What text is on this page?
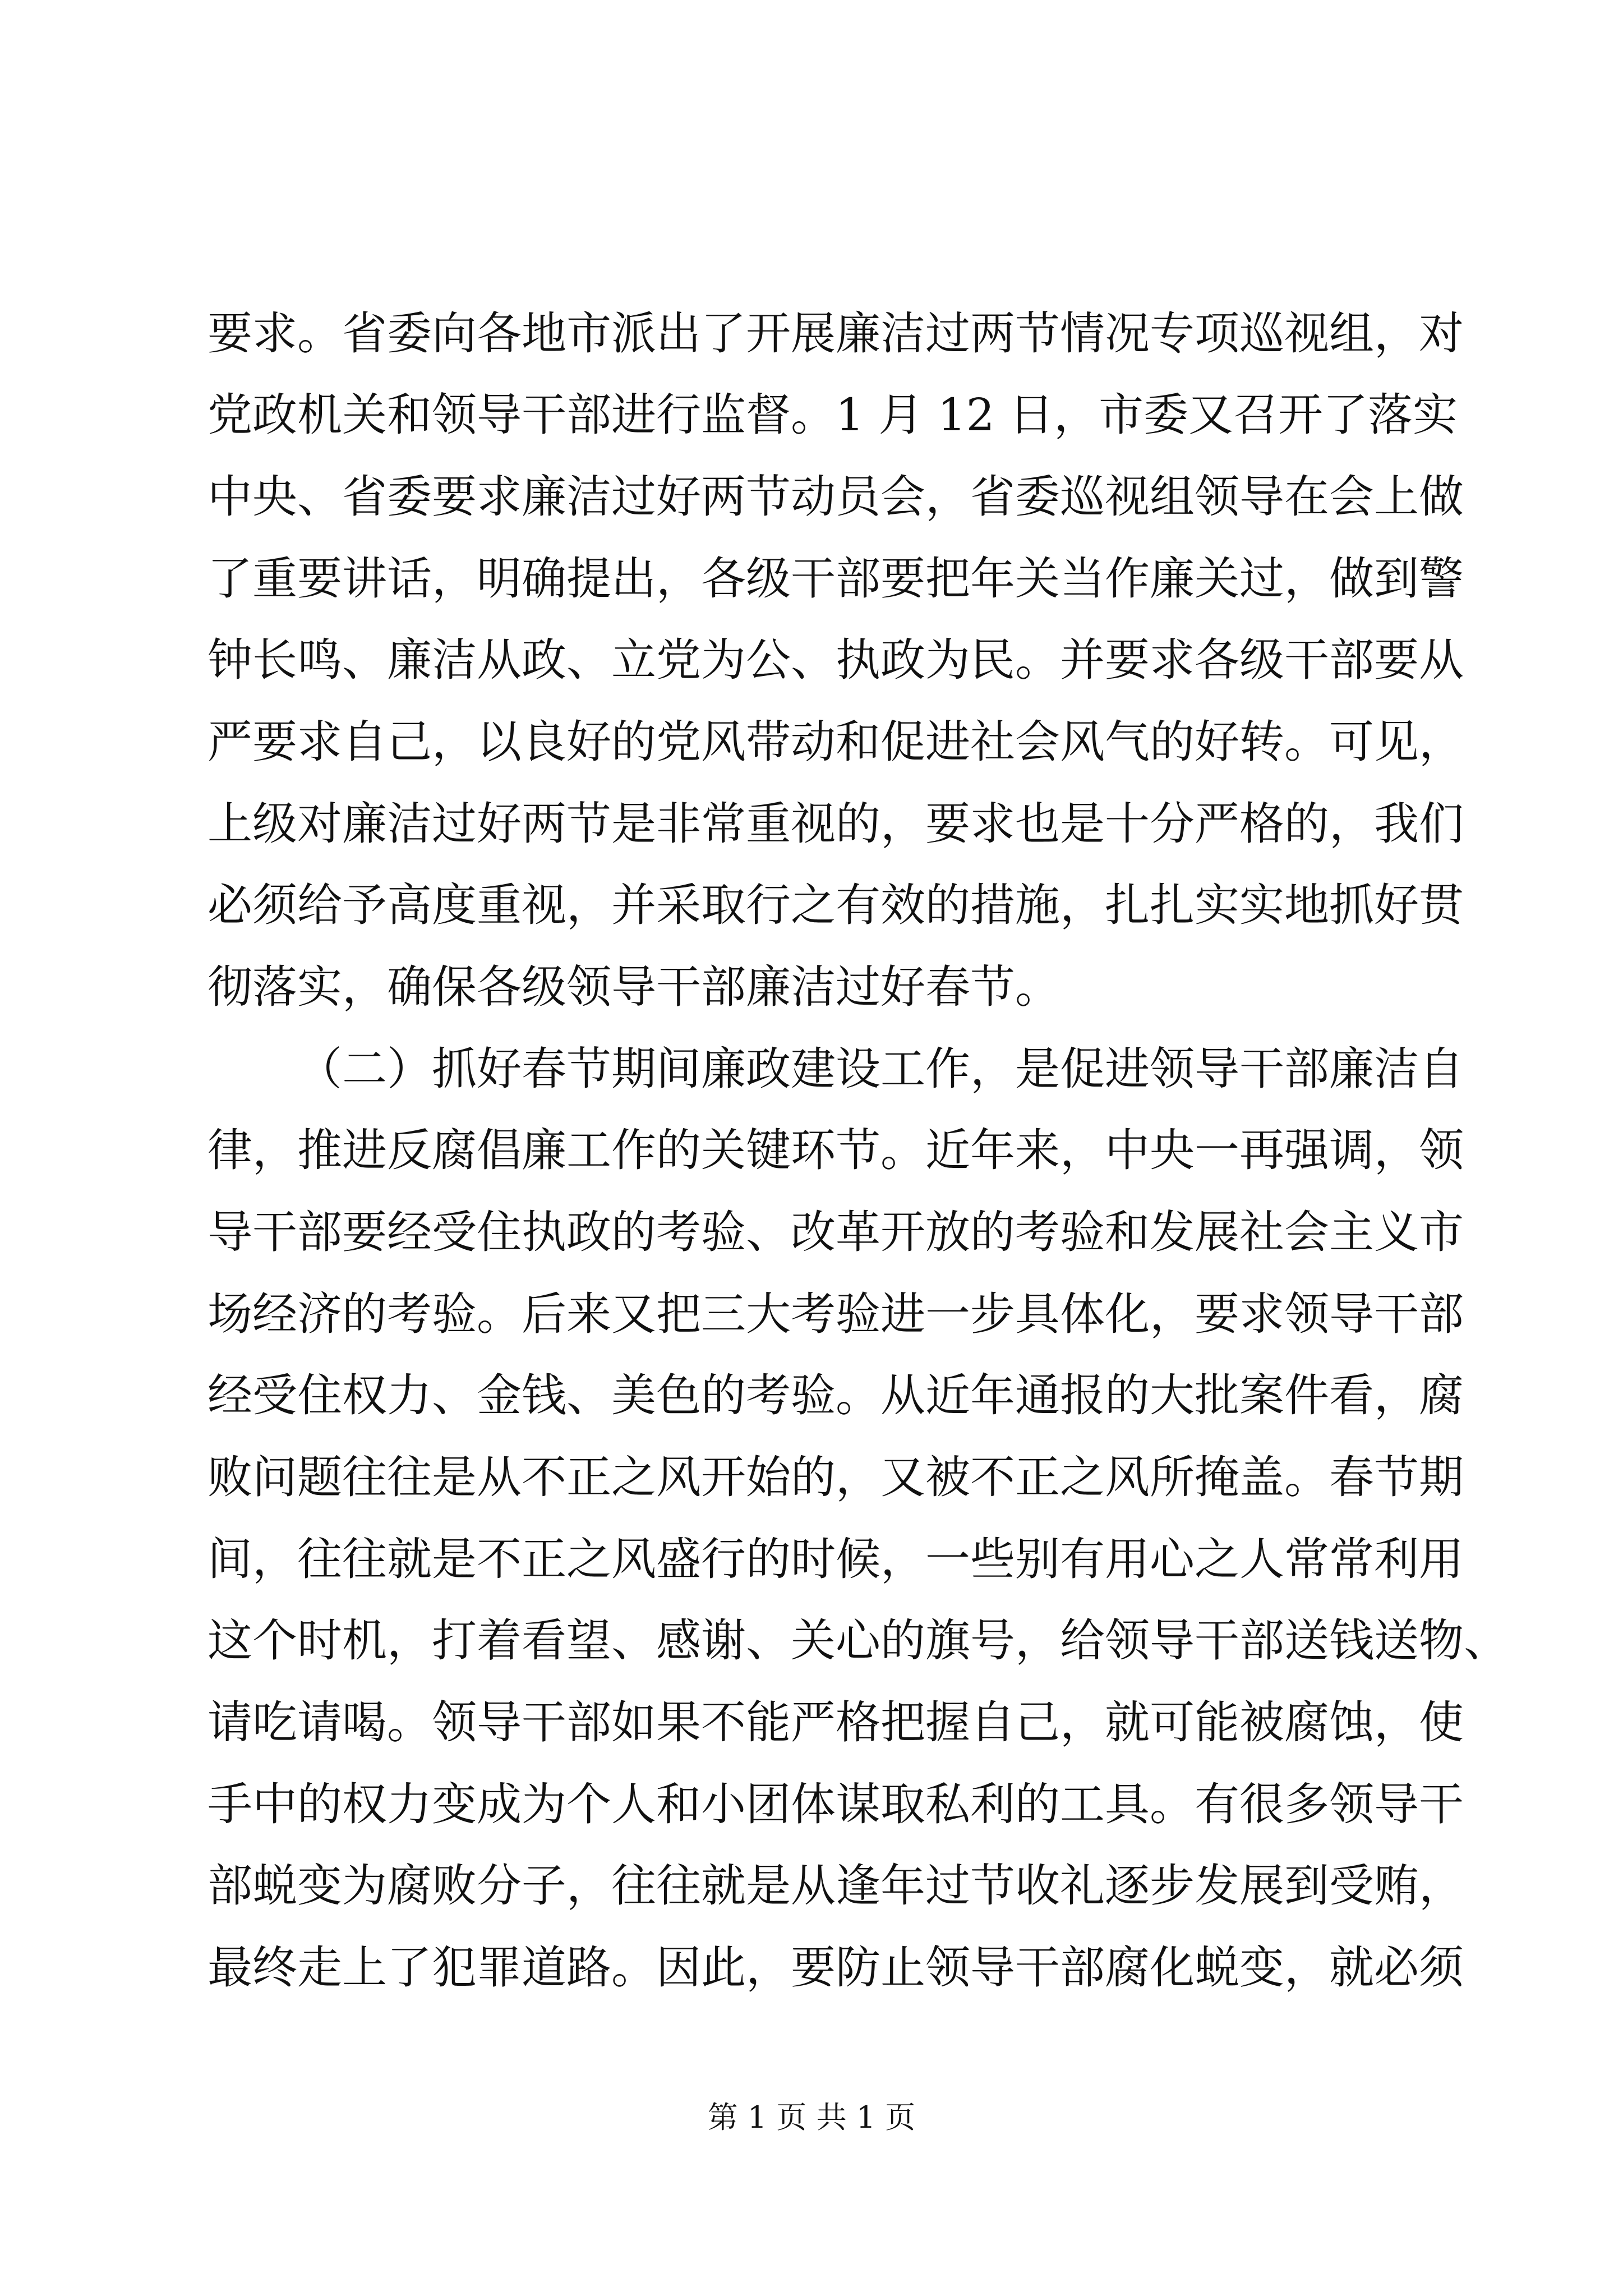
要求。省委向各地市派出了开展廉洁过两节情况专项巡视组，对
党政机关和领导干部进行监督。1 月 12 日，市委又召开了落实
中央、省委要求廉洁过好两节动员会，省委巡视组领导在会上做
了重要讲话，明确提出，各级干部要把年关当作廉关过，做到警
钟长鸣、廉洁从政、立党为公、执政为民。并要求各级干部要从
严要求自己，以良好的党风带动和促进社会风气的好转。可见，
上级对廉洁过好两节是非常重视的，要求也是十分严格的，我们
必须给予高度重视，并采取行之有效的措施，扎扎实实地抓好贯
彻落实，确保各级领导干部廉洁过好春节。
（二）抓好春节期间廉政建设工作，是促进领导干部廉洁自
律，推进反腐倡廉工作的关键环节。近年来，中央一再强调，领
导干部要经受住执政的考验、改革开放的考验和发展社会主义市
场经济的考验。后来又把三大考验进一步具体化，要求领导干部
经受住权力、金钱、美色的考验。从近年通报的大批案件看，腐
败问题往往是从不正之风开始的，又被不正之风所掩盖。春节期
间，往往就是不正之风盛行的时候，一些别有用心之人常常利用
这个时机，打着看望、感谢、关心的旗号，给领导干部送钱送物、
请吃请喝。领导干部如果不能严格把握自己，就可能被腐蚀，使
手中的权力变成为个人和小团体谋取私利的工具。有很多领导干
部蜕变为腐败分子，往往就是从逢年过节收礼逐步发展到受贿，
最终走上了犯罪道路。因此，要防止领导干部腐化蜕变，就必须
第 1 页 共 1 页
